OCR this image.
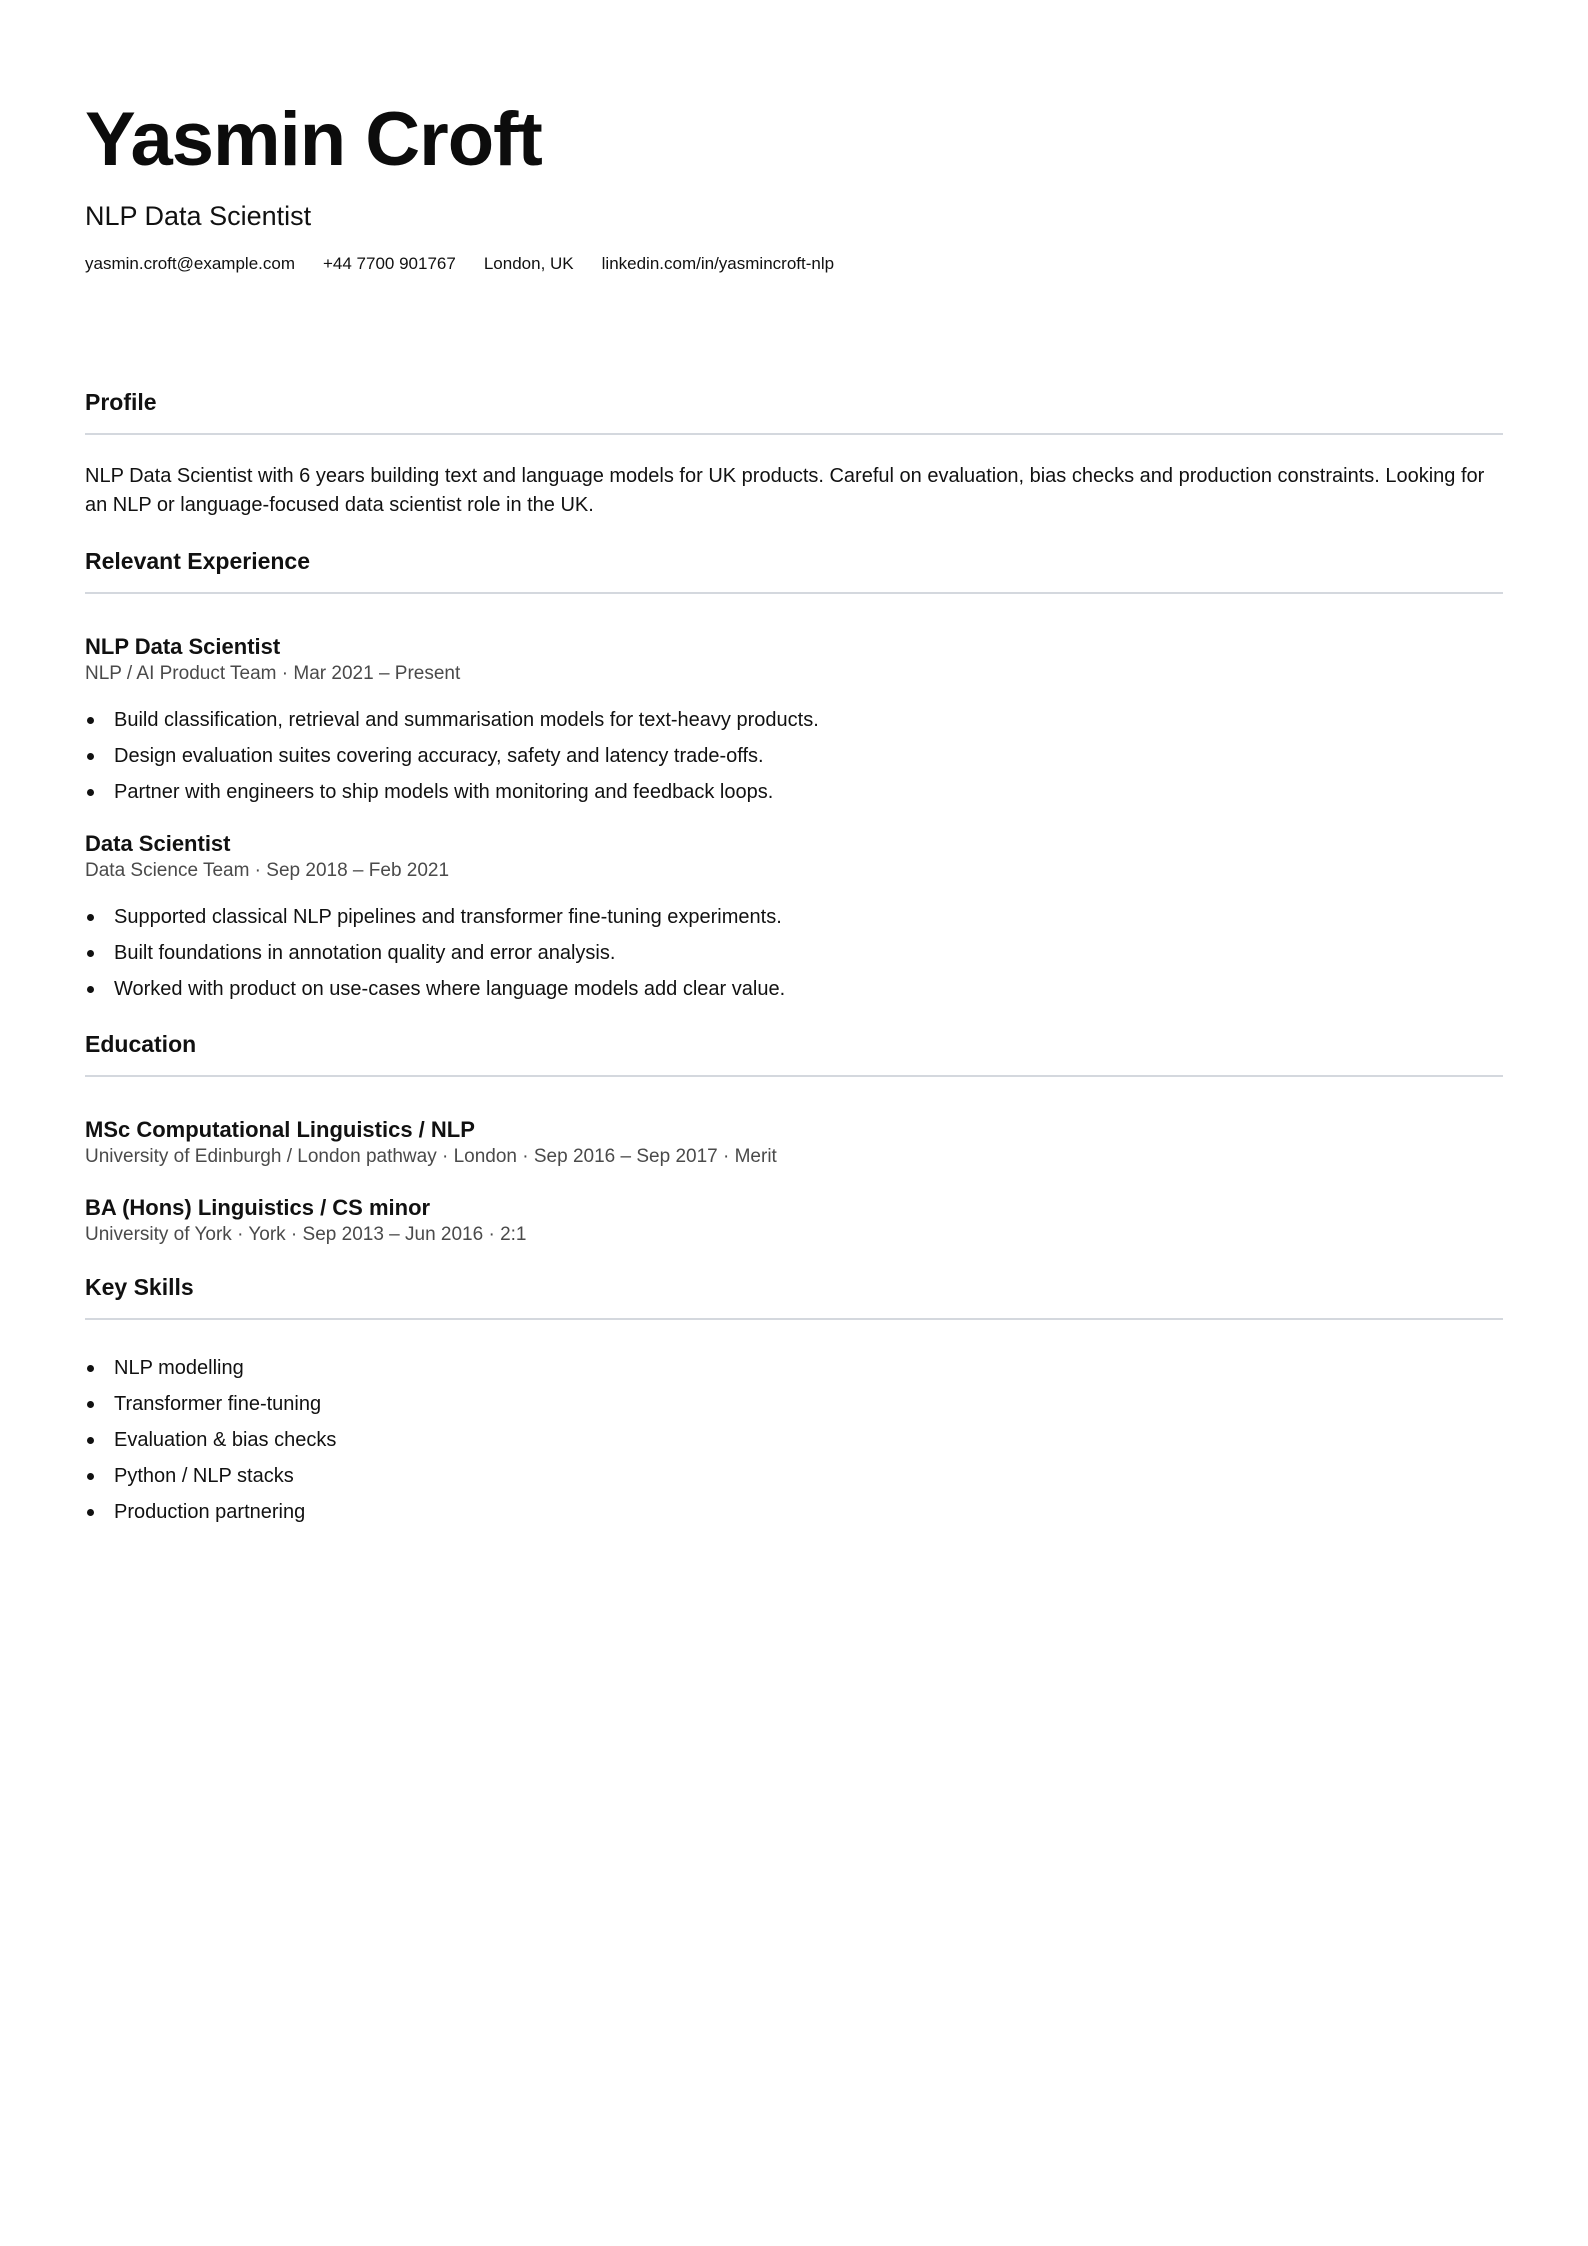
Yasmin Croft
NLP Data Scientist
yasmin.croft@example.com +44 7700 901767 London, UK linkedin.com/in/yasmincroft-nlp
Profile
NLP Data Scientist with 6 years building text and language models for UK products. Careful on evaluation, bias checks and production constraints. Looking for an NLP or language-focused data scientist role in the UK.
Relevant Experience
NLP Data Scientist
NLP / AI Product Team · Mar 2021 – Present
Build classification, retrieval and summarisation models for text-heavy products.
Design evaluation suites covering accuracy, safety and latency trade-offs.
Partner with engineers to ship models with monitoring and feedback loops.
Data Scientist
Data Science Team · Sep 2018 – Feb 2021
Supported classical NLP pipelines and transformer fine-tuning experiments.
Built foundations in annotation quality and error analysis.
Worked with product on use-cases where language models add clear value.
Education
MSc Computational Linguistics / NLP
University of Edinburgh / London pathway · London · Sep 2016 – Sep 2017 · Merit
BA (Hons) Linguistics / CS minor
University of York · York · Sep 2013 – Jun 2016 · 2:1
Key Skills
NLP modelling
Transformer fine-tuning
Evaluation & bias checks
Python / NLP stacks
Production partnering
